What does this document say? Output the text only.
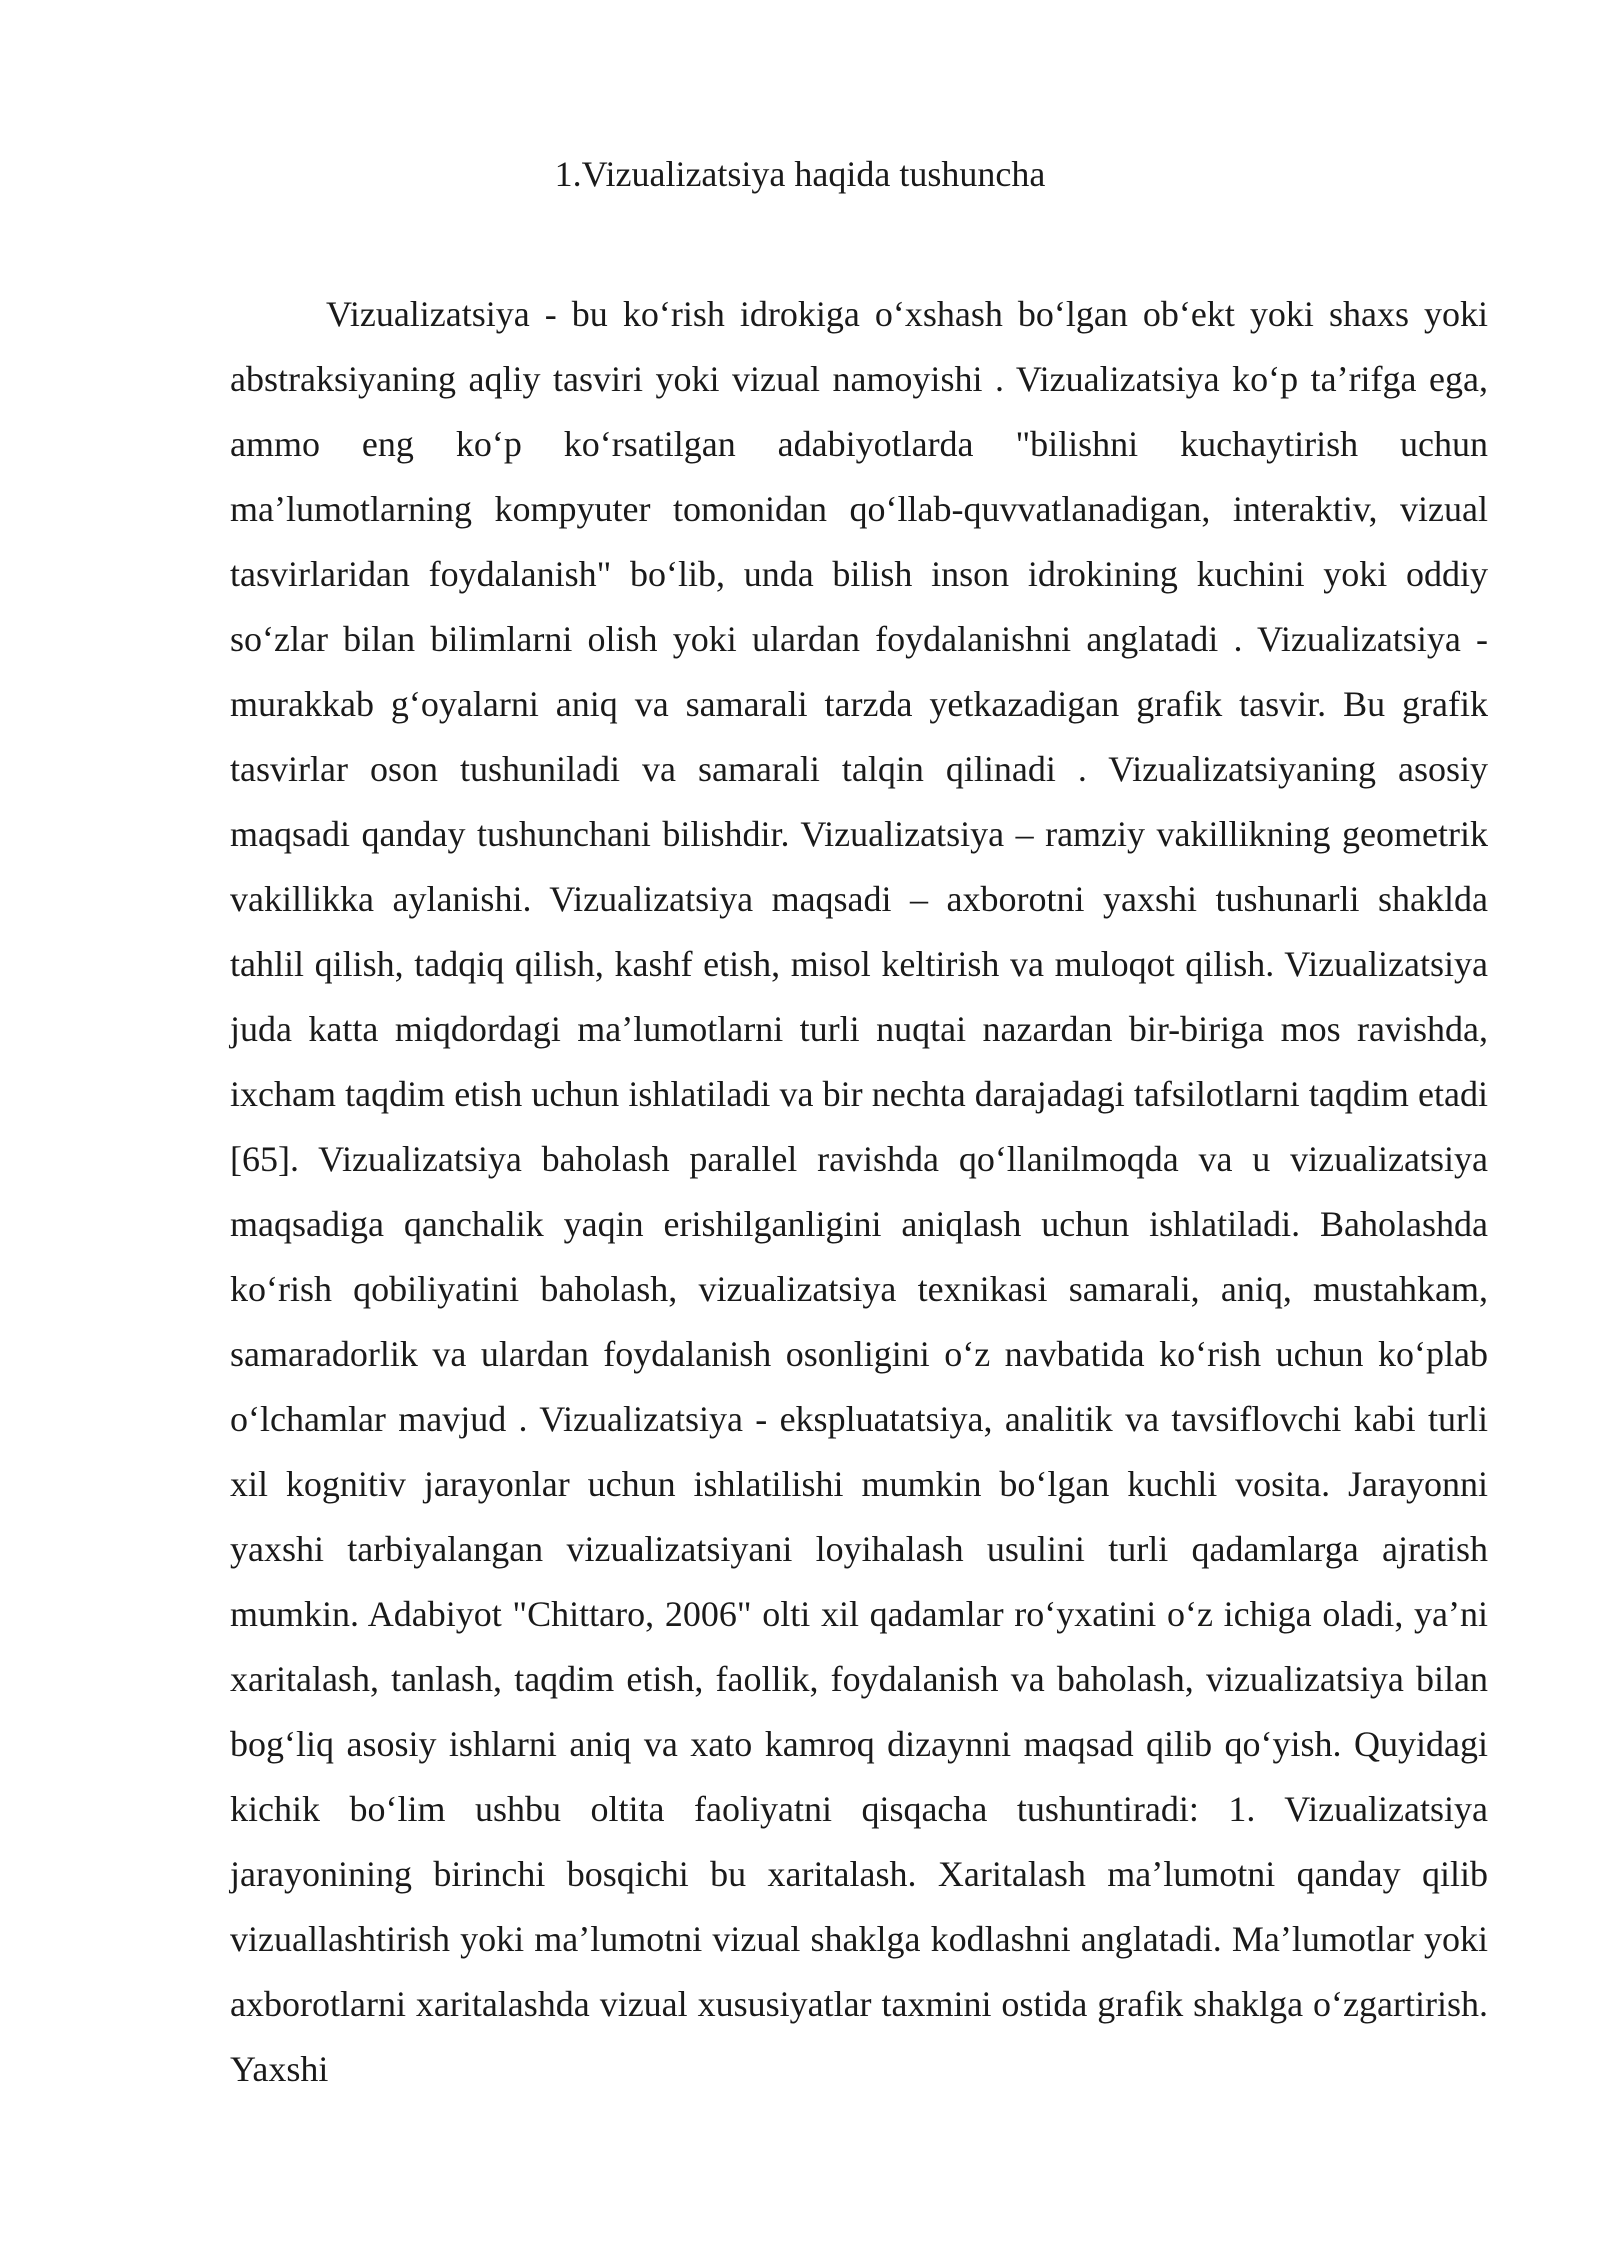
1.Vizualizatsiya haqida tushuncha

Vizualizatsiya - bu koʻrish idrokiga oʻxshash boʻlgan obʻekt yoki shaxs yoki abstraksiyaning aqliy tasviri yoki vizual namoyishi . Vizualizatsiya koʻp taʼrifga ega, ammo eng koʻp koʻrsatilgan adabiyotlarda "bilishni kuchaytirish uchun maʼlumotlarning kompyuter tomonidan qoʻllab-quvvatlanadigan, interaktiv, vizual tasvirlaridan foydalanish" boʻlib, unda bilish inson idrokining kuchini yoki oddiy soʻzlar bilan bilimlarni olish yoki ulardan foydalanishni anglatadi . Vizualizatsiya - murakkab gʻoyalarni aniq va samarali tarzda yetkazadigan grafik tasvir. Bu grafik tasvirlar oson tushuniladi va samarali talqin qilinadi . Vizualizatsiyaning asosiy maqsadi qanday tushunchani bilishdir. Vizualizatsiya – ramziy vakillikning geometrik vakillikka aylanishi. Vizualizatsiya maqsadi – axborotni yaxshi tushunarli shaklda tahlil qilish, tadqiq qilish, kashf etish, misol keltirish va muloqot qilish. Vizualizatsiya juda katta miqdordagi maʼlumotlarni turli nuqtai nazardan bir-biriga mos ravishda, ixcham taqdim etish uchun ishlatiladi va bir nechta darajadagi tafsilotlarni taqdim etadi [65]. Vizualizatsiya baholash parallel ravishda qoʻllanilmoqda va u vizualizatsiya maqsadiga qanchalik yaqin erishilganligini aniqlash uchun ishlatiladi. Baholashda koʻrish qobiliyatini baholash, vizualizatsiya texnikasi samarali, aniq, mustahkam, samaradorlik va ulardan foydalanish osonligini oʻz navbatida koʻrish uchun koʻplab oʻlchamlar mavjud . Vizualizatsiya - ekspluatatsiya, analitik va tavsiflovchi kabi turli xil kognitiv jarayonlar uchun ishlatilishi mumkin boʻlgan kuchli vosita. Jarayonni yaxshi tarbiyalangan vizualizatsiyani loyihalash usulini turli qadamlarga ajratish mumkin. Adabiyot "Chittaro, 2006" olti xil qadamlar roʻyxatini oʻz ichiga oladi, yaʼni xaritalash, tanlash, taqdim etish, faollik, foydalanish va baholash, vizualizatsiya bilan bogʻliq asosiy ishlarni aniq va xato kamroq dizaynni maqsad qilib qoʻyish. Quyidagi kichik boʻlim ushbu oltita faoliyatni qisqacha tushuntiradi: 1. Vizualizatsiya jarayonining birinchi bosqichi bu xaritalash. Xaritalash maʼlumotni qanday qilib vizuallashtirish yoki maʼlumotni vizual shaklga kodlashni anglatadi. Maʼlumotlar yoki axborotlarni xaritalashda vizual xususiyatlar taxmini ostida grafik shaklga oʻzgartirish. Yaxshi
